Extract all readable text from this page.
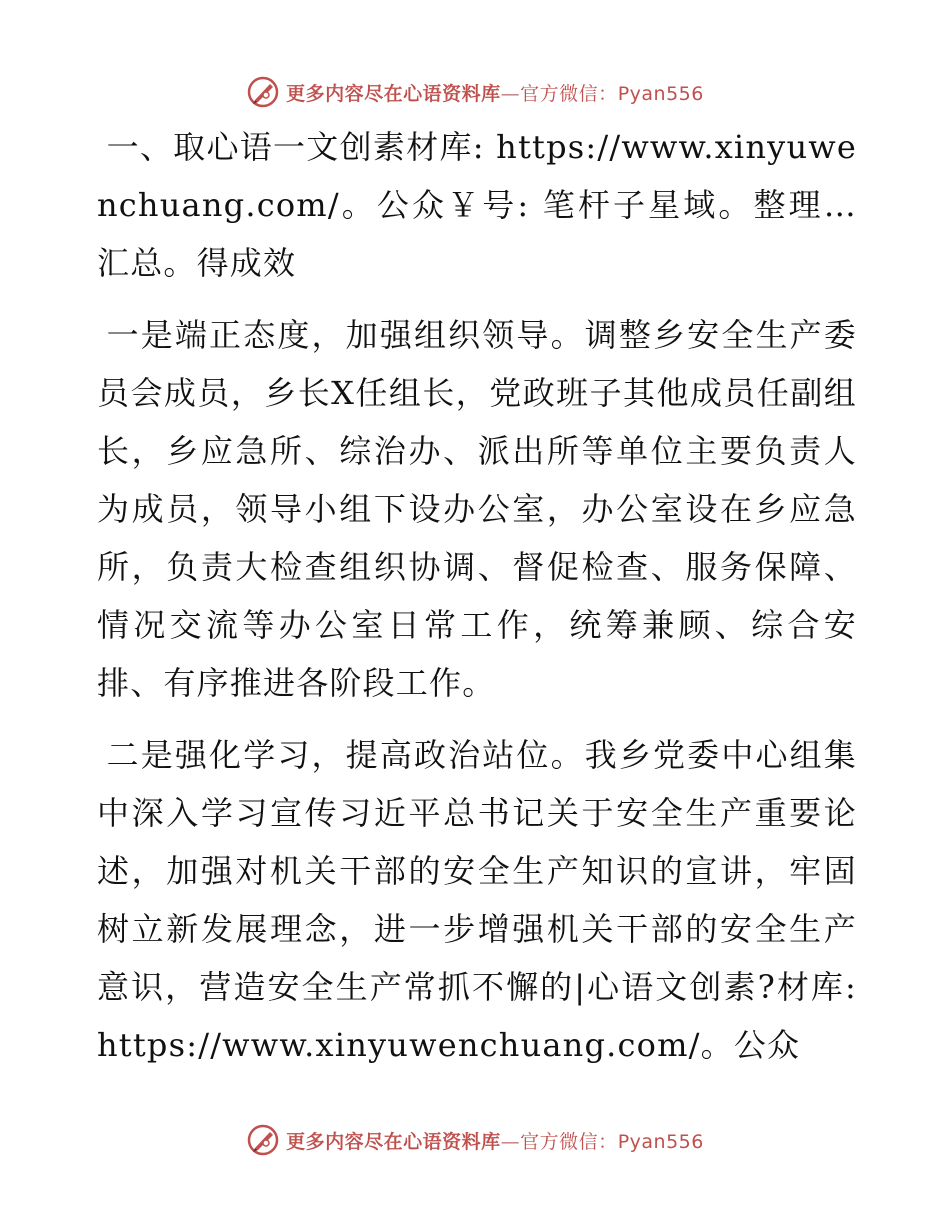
更多内容尽在心语资料库—官方微信：Pyan556

一、取心语一文创素材库: https://www.xinyuwenchuang.com/。公众￥号: 笔杆子星域。整理…汇总。得成效

一是端正态度，加强组织领导。调整乡安全生产委员会成员，乡长X任组长，党政班子其他成员任副组长，乡应急所、综治办、派出所等单位主要负责人为成员，领导小组下设办公室，办公室设在乡应急所，负责大检查组织协调、督促检查、服务保障、情况交流等办公室日常工作，统筹兼顾、综合安排、有序推进各阶段工作。

二是强化学习，提高政治站位。我乡党委中心组集中深入学习宣传习近平总书记关于安全生产重要论述，加强对机关干部的安全生产知识的宣讲，牢固树立新发展理念，进一步增强机关干部的安全生产意识，营造安全生产常抓不懈的|心语文创素?材库: https://www.xinyuwenchuang.com/。公众

更多内容尽在心语资料库—官方微信：Pyan556
